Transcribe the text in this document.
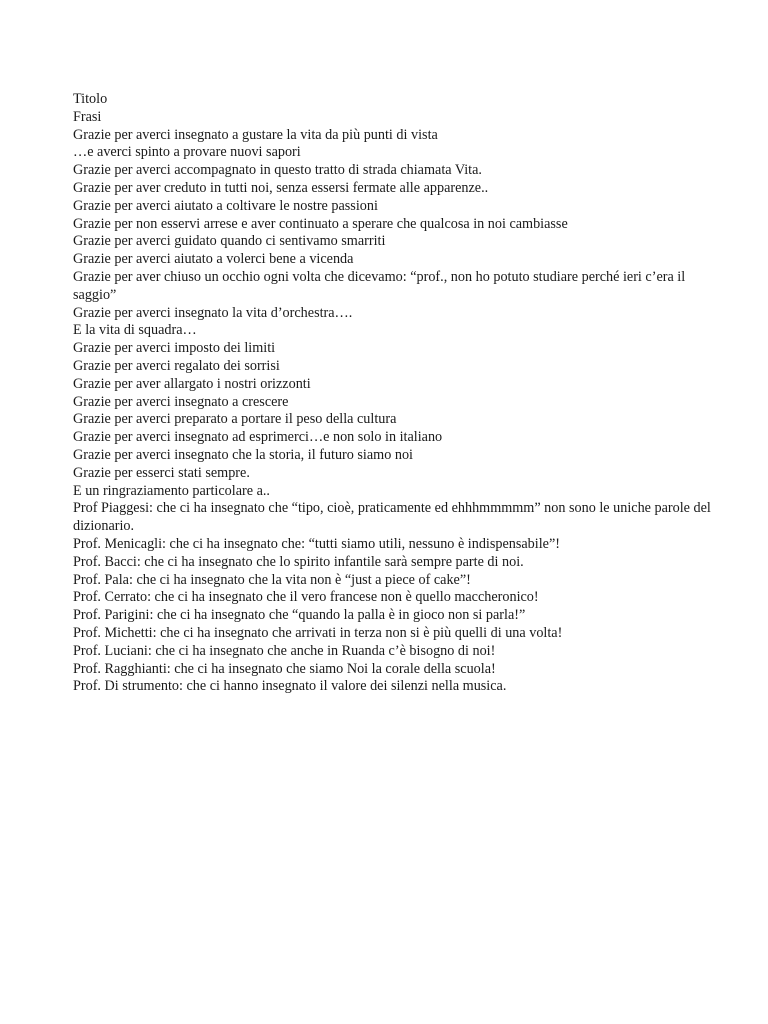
Titolo

Frasi

Grazie per averci insegnato a gustare la vita da più punti di vista

…e averci spinto a provare nuovi sapori

Grazie per averci accompagnato in questo tratto di strada chiamata Vita.

Grazie per aver creduto in tutti noi, senza essersi fermate alle apparenze..

Grazie per averci aiutato a coltivare le nostre passioni

Grazie per non esservi arrese e aver continuato a sperare che qualcosa in noi cambiasse

Grazie per averci guidato quando ci sentivamo smarriti

Grazie per averci aiutato a volerci bene a vicenda

Grazie per aver chiuso un occhio ogni volta che dicevamo: “prof., non ho potuto studiare perché ieri c’era il saggio”

Grazie per averci insegnato la vita d’orchestra….

E la vita di squadra…

Grazie per averci imposto dei limiti

Grazie per averci regalato dei sorrisi

Grazie per aver allargato i nostri orizzonti

Grazie per averci insegnato a crescere

Grazie per averci preparato a portare il peso della cultura

Grazie per averci insegnato ad esprimerci…e non solo in italiano

Grazie per averci insegnato che la storia, il futuro siamo noi

Grazie per esserci stati sempre.

E un ringraziamento particolare a..

Prof Piaggesi: che ci ha insegnato che “tipo, cioè, praticamente ed ehhhmmmmm” non sono le uniche parole del dizionario.

Prof. Menicagli: che ci ha insegnato che: “tutti siamo utili, nessuno è indispensabile”!

Prof. Bacci: che ci ha insegnato che lo spirito infantile sarà sempre parte di noi.

Prof. Pala: che ci ha insegnato che la vita non è “just a piece of cake”!

Prof. Cerrato: che ci ha insegnato che il vero francese non è quello maccheronico!

Prof. Parigini: che ci ha insegnato che “quando la palla è in gioco non si parla!”

Prof. Michetti: che ci ha insegnato che arrivati in terza non si è più quelli di una volta!

Prof. Luciani: che ci ha insegnato che anche in Ruanda c’è bisogno di noi!

Prof. Ragghianti: che ci ha insegnato che siamo Noi la corale della scuola!

Prof. Di strumento: che ci hanno insegnato il valore dei silenzi nella musica.
